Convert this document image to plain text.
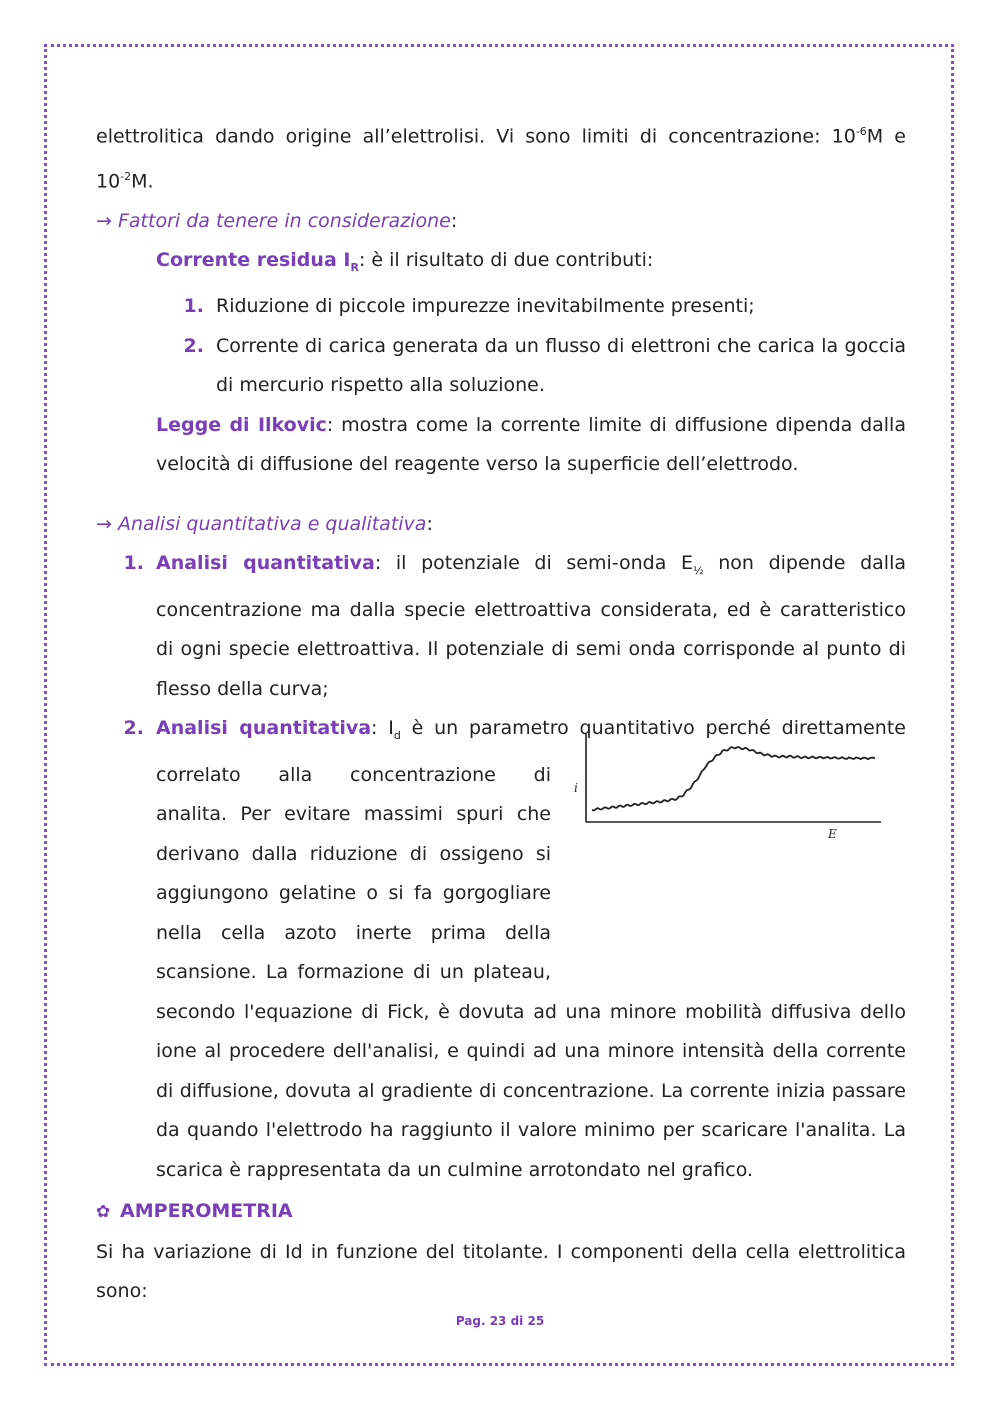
elettrolitica dando origine all’elettrolisi. Vi sono limiti di concentrazione: $10^{-6}M$ e
$10^{-2}M$.
→ Fattori da tenere in considerazione:
Corrente residua $I_R$: è il risultato di due contributi:
1. Riduzione di piccole impurezze inevitabilmente presenti;
2. Corrente di carica generata da un flusso di elettroni che carica la goccia di mercurio rispetto alla soluzione.
Legge di Ilkovic: mostra come la corrente limite di diffusione dipenda dalla velocità di diffusione del reagente verso la superficie dell’elettrodo.
→ Analisi quantitativa e qualitativa:
1. Analisi quantitativa: il potenziale di semi-onda $E_{\frac{1}{2}}$ non dipende dalla concentrazione ma dalla specie elettroattiva considerata, ed è caratteristico di ogni specie elettroattiva. Il potenziale di semi onda corrisponde al punto di flesso della curva;
2. Analisi quantitativa: $I_d$ è un parametro quantitativo perché direttamente
correlato alla concentrazione di
analita. Per evitare massimi spuri che
derivano dalla riduzione di ossigeno si
aggiungono gelatine o si fa gorgogliare
nella cella azoto inerte prima della
scansione. La formazione di un plateau,
secondo l'equazione di Fick, è dovuta ad una minore mobilità diffusiva dello ione al procedere dell'analisi, e quindi ad una minore intensità della corrente di diffusione, dovuta al gradiente di concentrazione. La corrente inizia passare da quando l'elettrodo ha raggiunto il valore minimo per scaricare l'analita. La scarica è rappresentata da un culmine arrotondato nel grafico.
✿ AMPEROMETRIA
Si ha variazione di Id in funzione del titolante. I componenti della cella elettrolitica sono:
i
E
Pag. 23 di 25
